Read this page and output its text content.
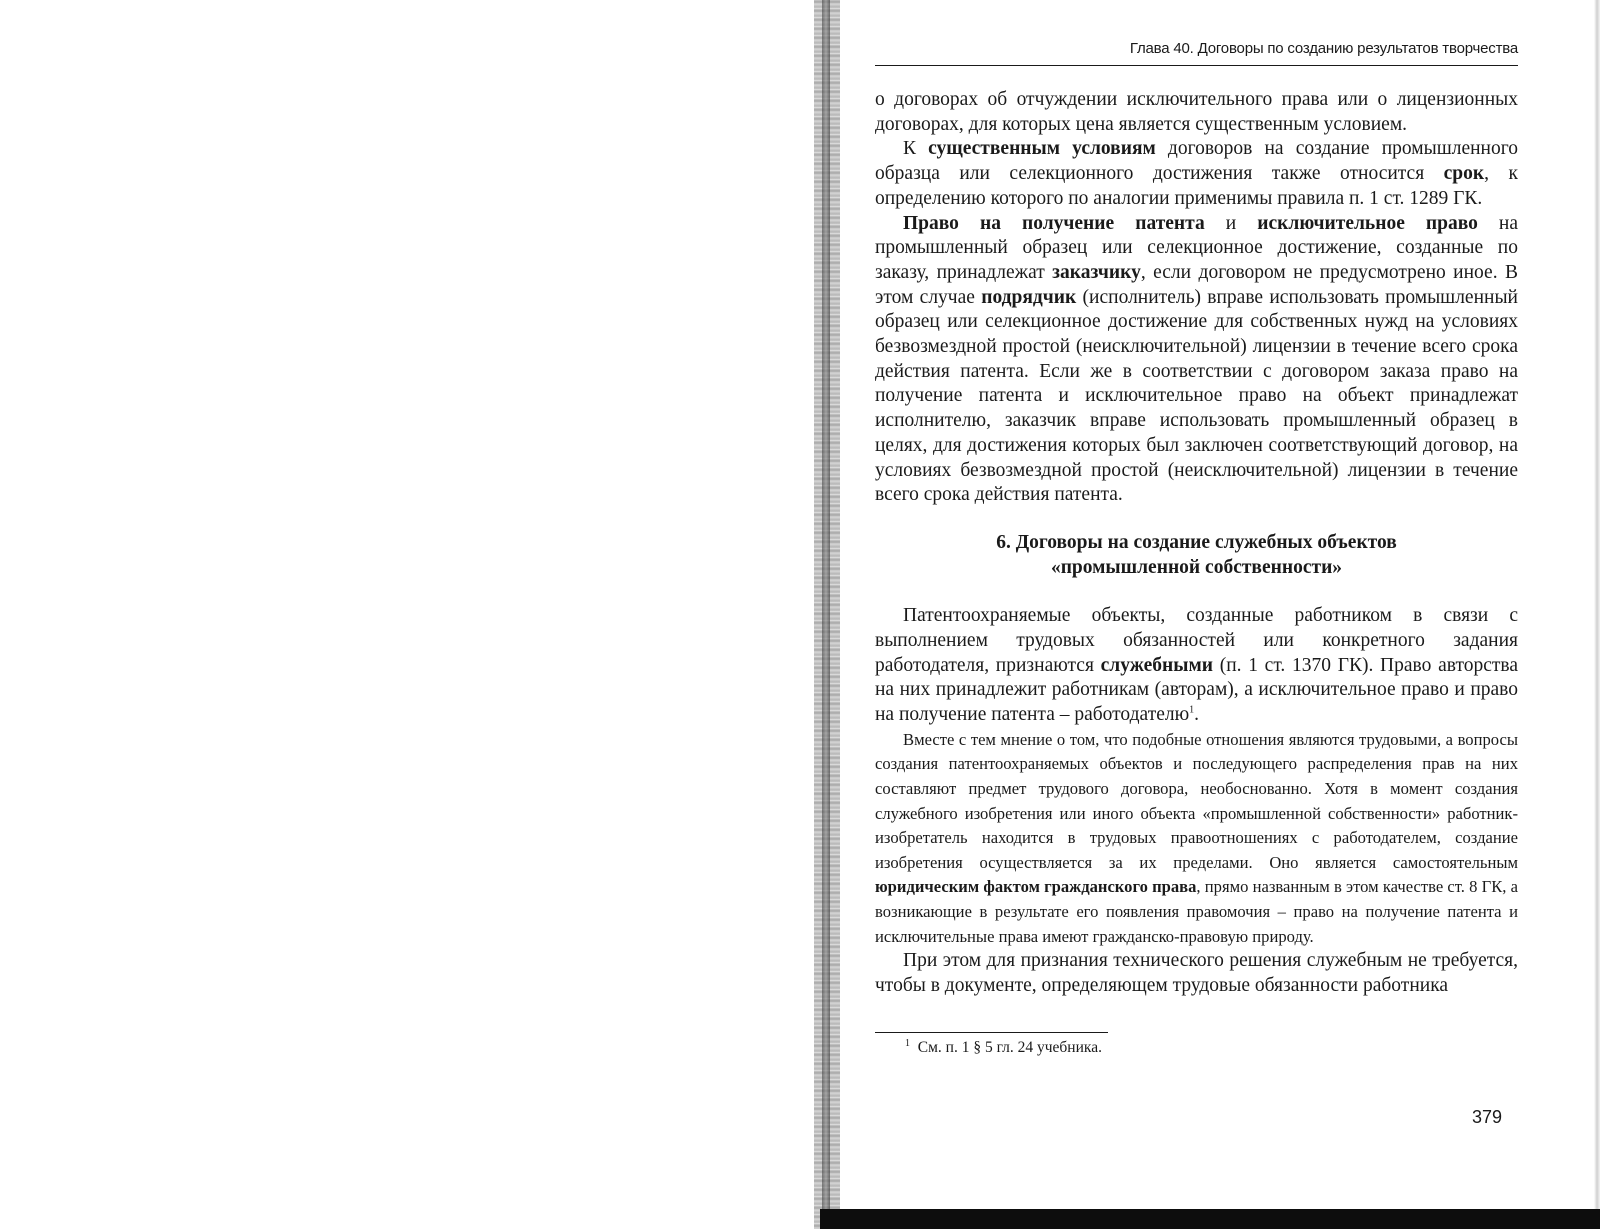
Глава 40. Договоры по созданию результатов творчества

о договорах об отчуждении исключительного права или о лицензионных договорах, для которых цена является существенным условием.

К существенным условиям договоров на создание промышленного образца или селекционного достижения также относится срок, к определению которого по аналогии применимы правила п. 1 ст. 1289 ГК.

Право на получение патента и исключительное право на промышленный образец или селекционное достижение, созданные по заказу, принадлежат заказчику, если договором не предусмотрено иное. В этом случае подрядчик (исполнитель) вправе использовать промышленный образец или селекционное достижение для собственных нужд на условиях безвозмездной простой (неисключительной) лицензии в течение всего срока действия патента. Если же в соответствии с договором заказа право на получение патента и исключительное право на объект принадлежат исполнителю, заказчик вправе использовать промышленный образец в целях, для достижения которых был заключен соответствующий договор, на условиях безвозмездной простой (неисключительной) лицензии в течение всего срока действия патента.

6. Договоры на создание служебных объектов
«промышленной собственности»

Патентоохраняемые объекты, созданные работником в связи с выполнением трудовых обязанностей или конкретного задания работодателя, признаются служебными (п. 1 ст. 1370 ГК). Право авторства на них принадлежит работникам (авторам), а исключительное право и право на получение патента – работодателю$^1$.

Вместе с тем мнение о том, что подобные отношения являются трудовыми, а вопросы создания патентоохраняемых объектов и последующего распределения прав на них составляют предмет трудового договора, необоснованно. Хотя в момент создания служебного изобретения или иного объекта «промышленной собственности» работник-изобретатель находится в трудовых правоотношениях с работодателем, создание изобретения осуществляется за их пределами. Оно является самостоятельным юридическим фактом гражданского права, прямо названным в этом качестве ст. 8 ГК, а возникающие в результате его появления правомочия – право на получение патента и исключительные права имеют гражданско-правовую природу.

При этом для признания технического решения служебным не требуется, чтобы в документе, определяющем трудовые обязанности работника

$^1$ См. п. 1 § 5 гл. 24 учебника.
379
